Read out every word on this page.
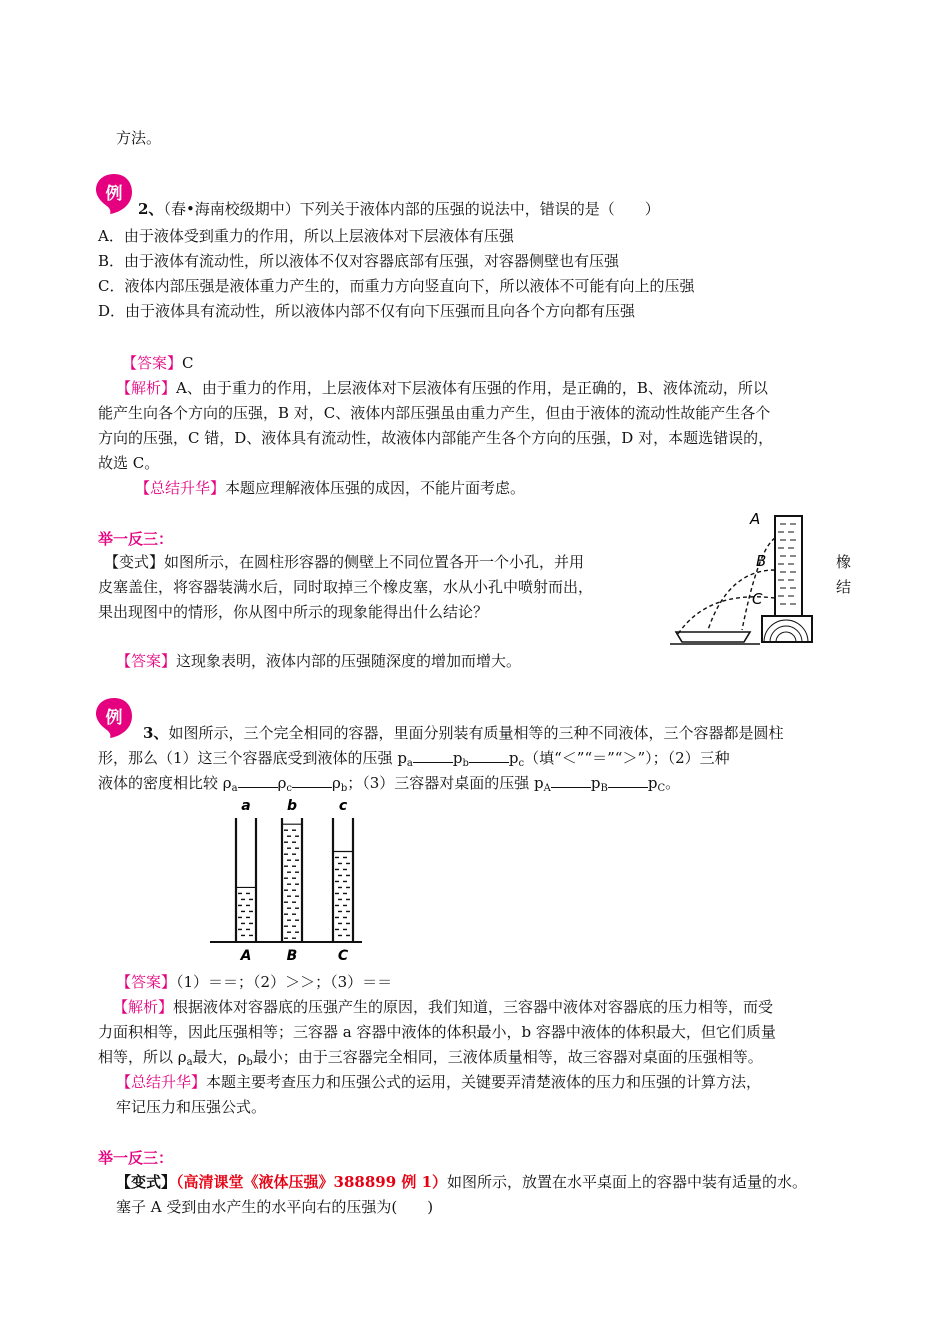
方法。
例
2、（春•海南校级期中）下列关于液体内部的压强的说法中，错误的是（　　）
A．由于液体受到重力的作用，所以上层液体对下层液体有压强
B．由于液体有流动性，所以液体不仅对容器底部有压强，对容器侧壁也有压强
C．液体内部压强是液体重力产生的，而重力方向竖直向下，所以液体不可能有向上的压强
D．由于液体具有流动性，所以液体内部不仅有向下压强而且向各个方向都有压强
【答案】C
【解析】A、由于重力的作用，上层液体对下层液体有压强的作用，是正确的，B、液体流动，所以
能产生向各个方向的压强，B 对，C、液体内部压强虽由重力产生，但由于液体的流动性故能产生各个
方向的压强，C 错，D、液体具有流动性，故液体内部能产生各个方向的压强，D 对，本题选错误的，
故选 C。
【总结升华】本题应理解液体压强的成因，不能片面考虑。
举一反三：
【变式】如图所示，在圆柱形容器的侧壁上不同位置各开一个小孔，并用
皮塞盖住，将容器装满水后，同时取掉三个橡皮塞，水从小孔中喷射而出，
果出现图中的情形，你从图中所示的现象能得出什么结论？
橡
结
A
B
C
【答案】这现象表明，液体内部的压强随深度的增加而增大。
例
3、如图所示，三个完全相同的容器，里面分别装有质量相等的三种不同液体，三个容器都是圆柱
形，那么（1）这三个容器底受到液体的压强 $p_a$	$p_b$	$p_c$（填“＜”“＝”“＞”）；（2）三种
液体的密度相比较 $\rho_a$	$\rho_c$	$\rho_b$；（3）三容器对桌面的压强 $p_A$	$p_B$	$p_C$。
a	b	c
A	B	C
【答案】（1）＝＝；（2）＞＞；（3）＝＝
【解析】根据液体对容器底的压强产生的原因，我们知道，三容器中液体对容器底的压力相等，而受
力面积相等，因此压强相等；三容器 a 容器中液体的体积最小，b 容器中液体的体积最大，但它们质量
相等，所以 $\rho_a$最大，$\rho_b$最小；由于三容器完全相同，三液体质量相等，故三容器对桌面的压强相等。
【总结升华】本题主要考查压力和压强公式的运用，关键要弄清楚液体的压力和压强的计算方法，
牢记压力和压强公式。
举一反三：
【变式】（高清课堂《液体压强》388899 例 1）如图所示，放置在水平桌面上的容器中装有适量的水。
塞子 A 受到由水产生的水平向右的压强为(　　)
